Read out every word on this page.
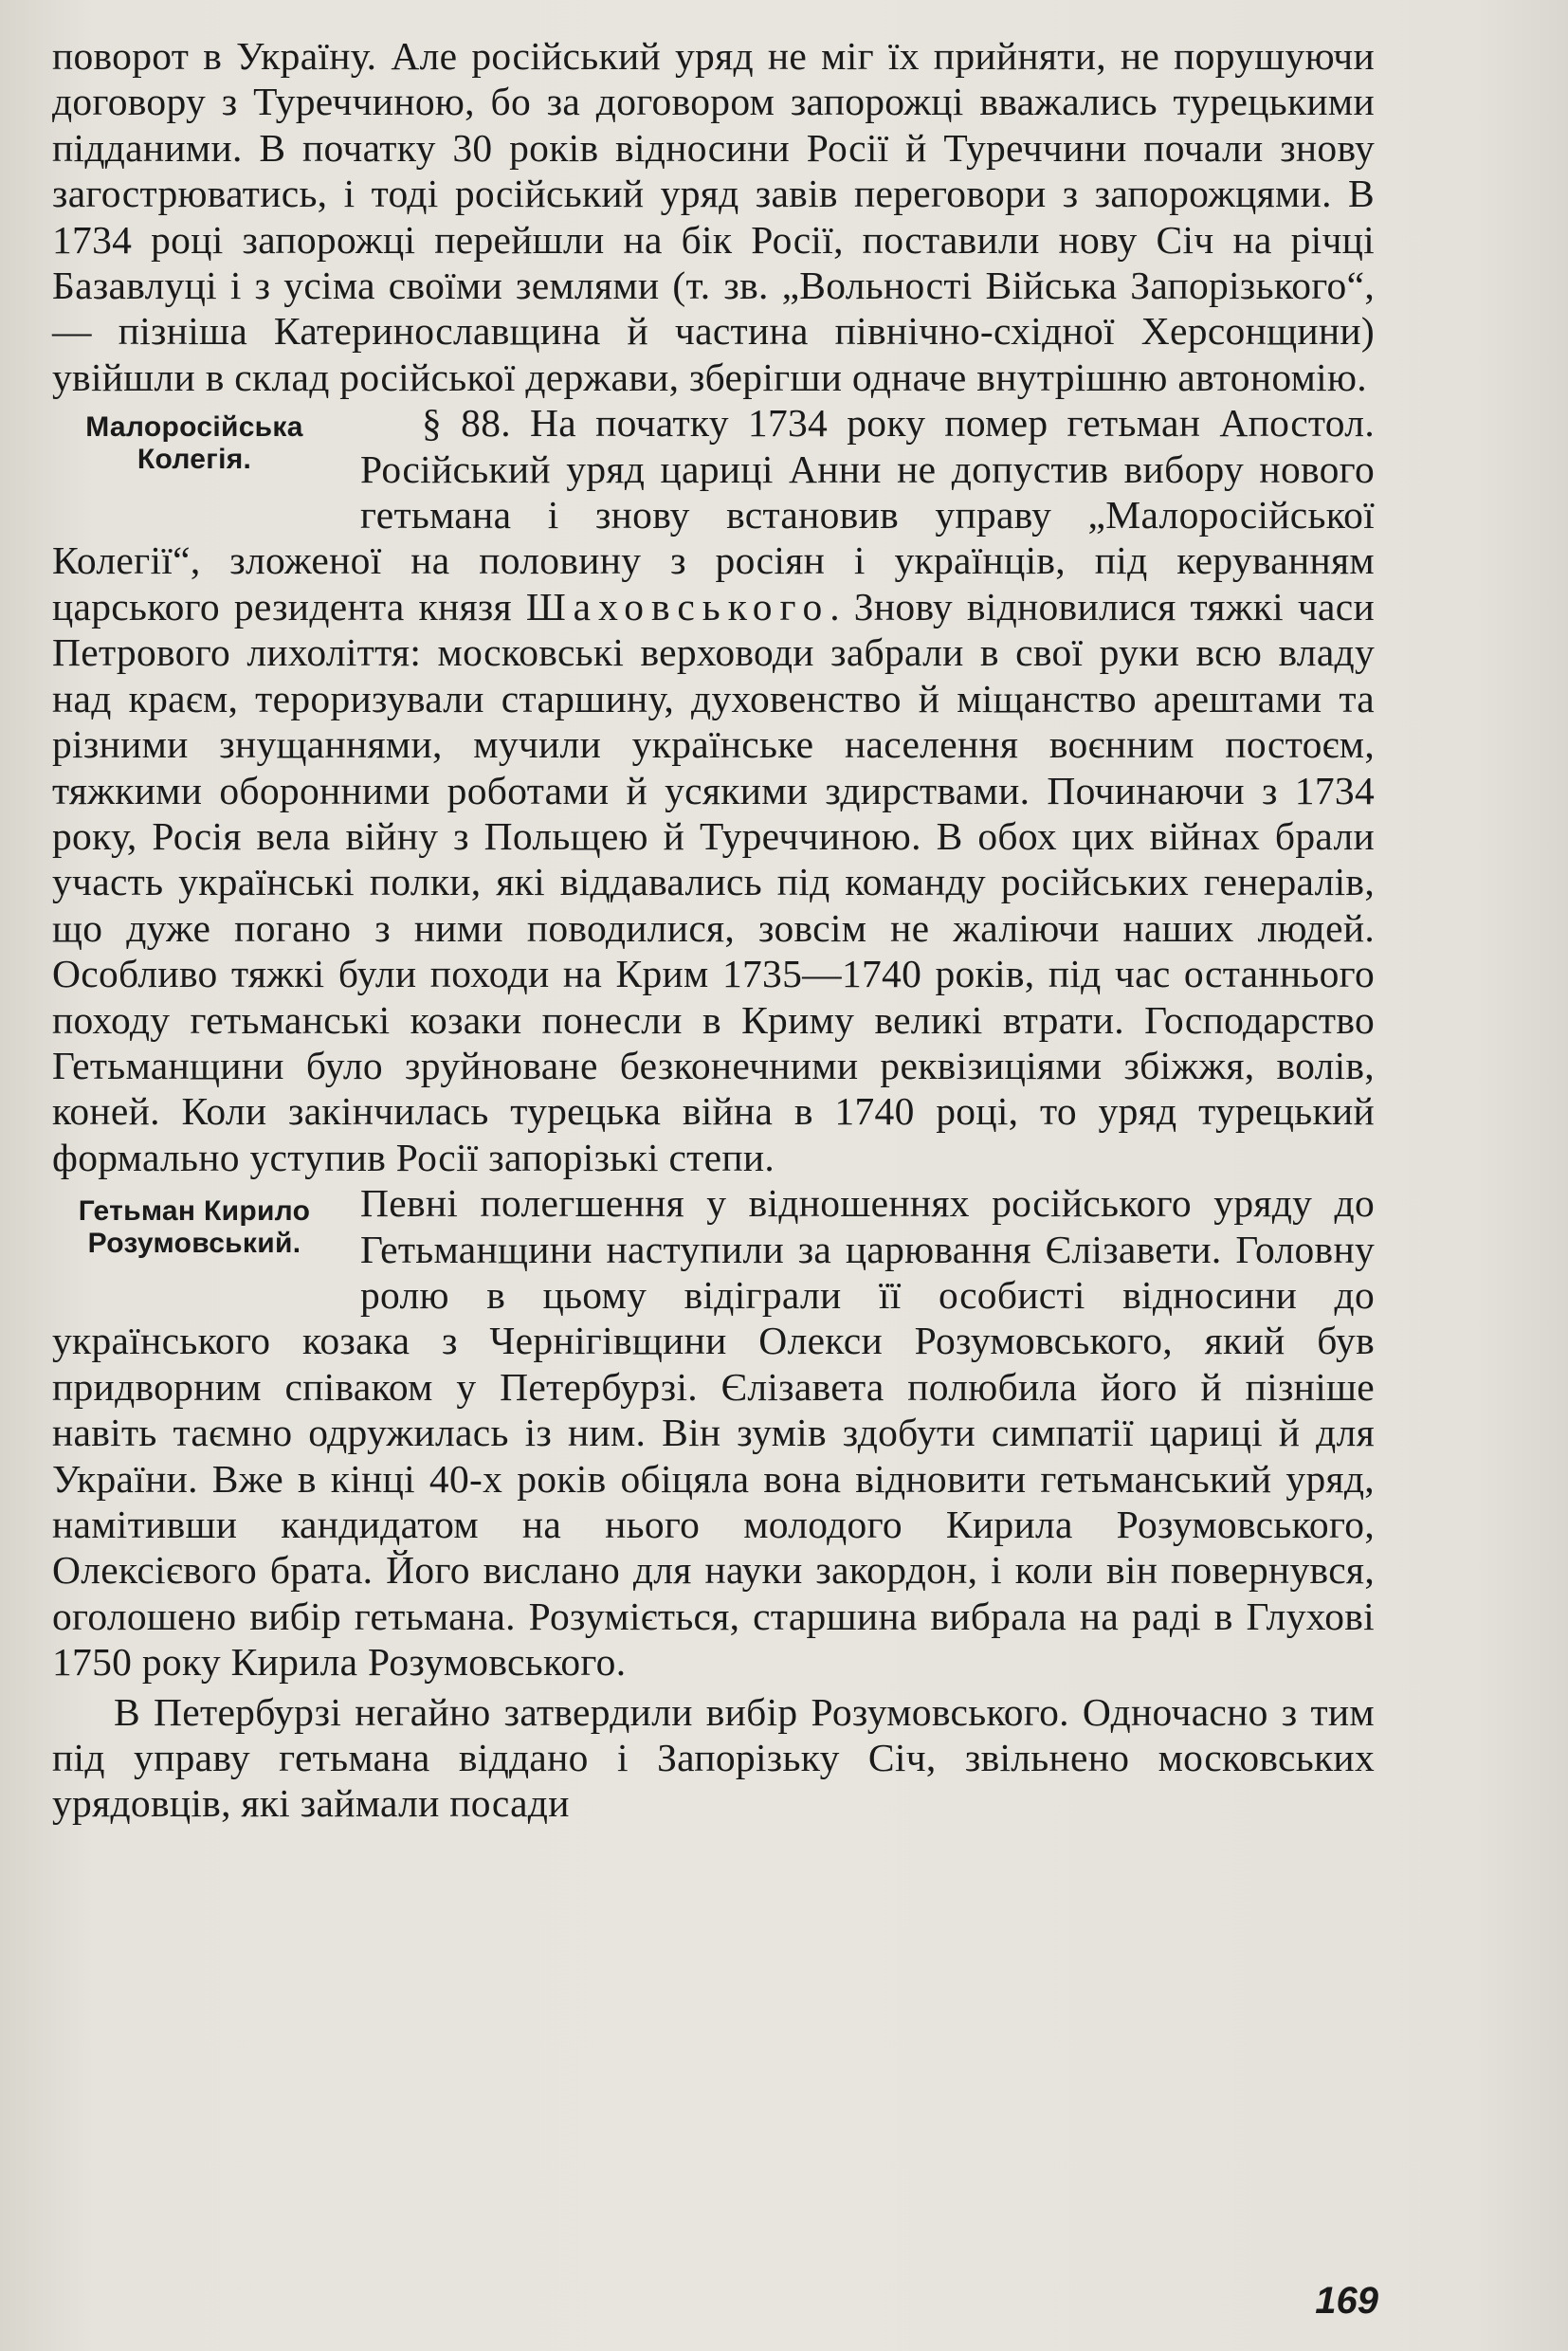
поворот в Україну. Але російський уряд не міг їх прийняти, не порушуючи договору з Туреччиною, бо за договором запорожці вважались турецькими підданими. В початку 30 років відносини Росії й Туреччини почали знову загострюватись, і тоді російський уряд завів переговори з запорожцями. В 1734 році запорожці перейшли на бік Росії, поставили нову Січ на річці Базавлуці і з усіма своїми землями (т. зв. „Вольності Війська Запорізького“, — пізніша Катеринославщина й частина північно-східної Херсонщини) увійшли в склад російської держави, зберігши одначе внутрішню автономію.

Малоросійська Колегія.

§ 88. На початку 1734 року помер гетьман Апостол. Російський уряд цариці Анни не допустив вибору нового гетьмана і знову встановив управу „Малоросійської Колегії“, зложеної на половину з росіян і українців, під керуванням царського резидента князя Шаховського. Знову відновилися тяжкі часи Петрового лихоліття: московські верховоди забрали в свої руки всю владу над краєм, тероризували старшину, духовенство й міщанство арештами та різними знущаннями, мучили українське населення воєнним постоєм, тяжкими оборонними роботами й усякими здирствами. Починаючи з 1734 року, Росія вела війну з Польщею й Туреччиною. В обох цих війнах брали участь українські полки, які віддавались під команду російських генералів, що дуже погано з ними поводилися, зовсім не жаліючи наших людей. Особливо тяжкі були походи на Крим 1735—1740 років, під час останнього походу гетьманські козаки понесли в Криму великі втрати. Господарство Гетьманщини було зруйноване безконечними реквізиціями збіжжя, волів, коней. Коли закінчилась турецька війна в 1740 році, то уряд турецький формально уступив Росії запорізькі степи.

Гетьман Кирило Розумовський.

Певні полегшення у відношеннях російського уряду до Гетьманщини наступили за царювання Єлізавети. Головну ролю в цьому відіграли її особисті відносини до українського козака з Чернігівщини Олекси Розумовського, який був придворним співаком у Петербурзі. Єлізавета полюбила його й пізніше навіть таємно одружилась із ним. Він зумів здобути симпатії цариці й для України. Вже в кінці 40-х років обіцяла вона відновити гетьманський уряд, намітивши кандидатом на нього молодого Кирила Розумовського, Олексієвого брата. Його вислано для науки закордон, і коли він повернувся, оголошено вибір гетьмана. Розуміється, старшина вибрала на раді в Глухові 1750 року Кирила Розумовського.

В Петербурзі негайно затвердили вибір Розумовського. Одночасно з тим під управу гетьмана віддано і Запорізьку Січ, звільнено московських урядовців, які займали посади

169
